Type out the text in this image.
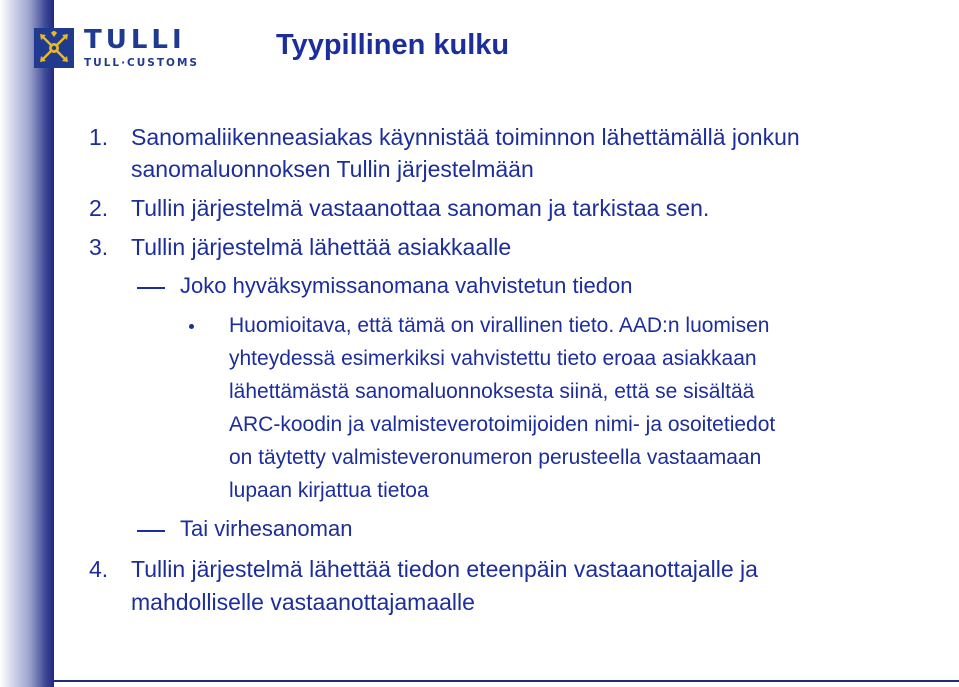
TULLI
TULL·CUSTOMS
Tyypillinen kulku
1. Sanomaliikenneasiakas käynnistää toiminnon lähettämällä jonkun
sanomaluonnoksen Tullin järjestelmään
2. Tullin järjestelmä vastaanottaa sanoman ja tarkistaa sen.
3. Tullin järjestelmä lähettää asiakkaalle
Joko hyväksymissanomana vahvistetun tiedon
Huomioitava, että tämä on virallinen tieto. AAD:n luomisen
yhteydessä esimerkiksi vahvistettu tieto eroaa asiakkaan
lähettämästä sanomaluonnoksesta siinä, että se sisältää
ARC-koodin ja valmisteverotoimijoiden nimi- ja osoitetiedot
on täytetty valmisteveronumeron perusteella vastaamaan
lupaan kirjattua tietoa
Tai virhesanoman
4. Tullin järjestelmä lähettää tiedon eteenpäin vastaanottajalle ja
mahdolliselle vastaanottajamaalle
